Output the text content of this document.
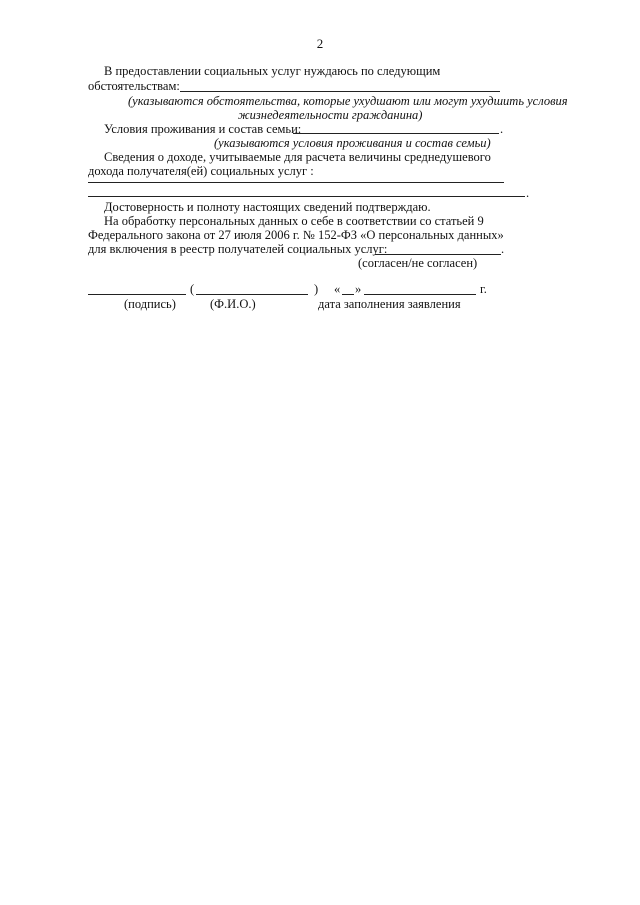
2
В предоставлении социальных услуг нуждаюсь по следующим
обстоятельствам:
(указываются обстоятельства, которые ухудшают или могут ухудшить условия
жизнедеятельности гражданина)
Условия проживания и состав семьи:	.
(указываются условия проживания и состав семьи)
Сведения о доходе, учитываемые для расчета величины среднедушевого
дохода получателя(ей) социальных услуг :
.
Достоверность и полноту настоящих сведений подтверждаю.
На обработку персональных данных о себе в соответствии со статьей 9
Федерального закона от 27 июля 2006 г. № 152-ФЗ «О персональных данных»
для включения в реестр получателей социальных услуг:	.
(согласен/не согласен)
(	) « »	г.
(подпись)	(Ф.И.О.)	дата заполнения заявления
